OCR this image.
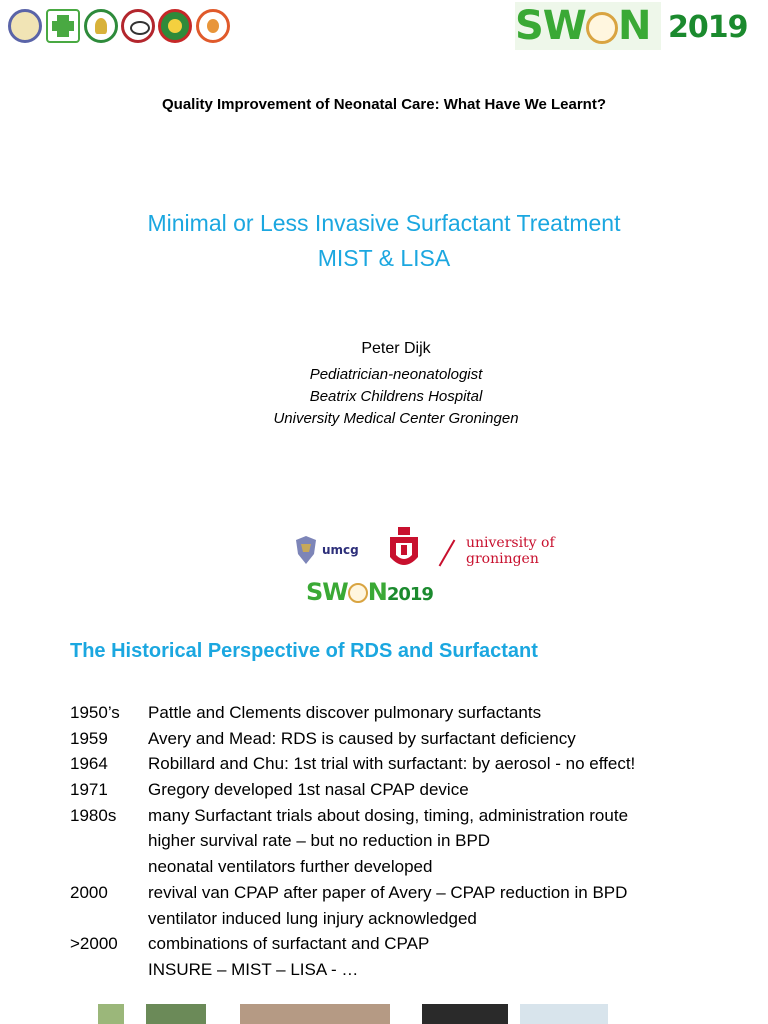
SW N 2019
Quality Improvement of Neonatal Care: What Have We Learnt?
Minimal or Less Invasive Surfactant Treatment
MIST & LISA
Peter Dijk
Pediatrician-neonatologist
Beatrix Childrens Hospital
University Medical Center Groningen
umcg	university of
groningen
SW N2019
The Historical Perspective of RDS and Surfactant
1950’s	Pattle and Clements discover pulmonary surfactants
1959	Avery and Mead: RDS is caused by surfactant deficiency
1964	Robillard and Chu: 1st trial with surfactant: by aerosol - no effect!
1971	Gregory developed 1st nasal CPAP device
1980s	many Surfactant trials about dosing, timing, administration route
higher survival rate – but no reduction in BPD
neonatal ventilators further developed
2000	revival van CPAP after paper of Avery – CPAP reduction in BPD
ventilator induced lung injury acknowledged
>2000	combinations of surfactant and CPAP
INSURE – MIST – LISA - …
